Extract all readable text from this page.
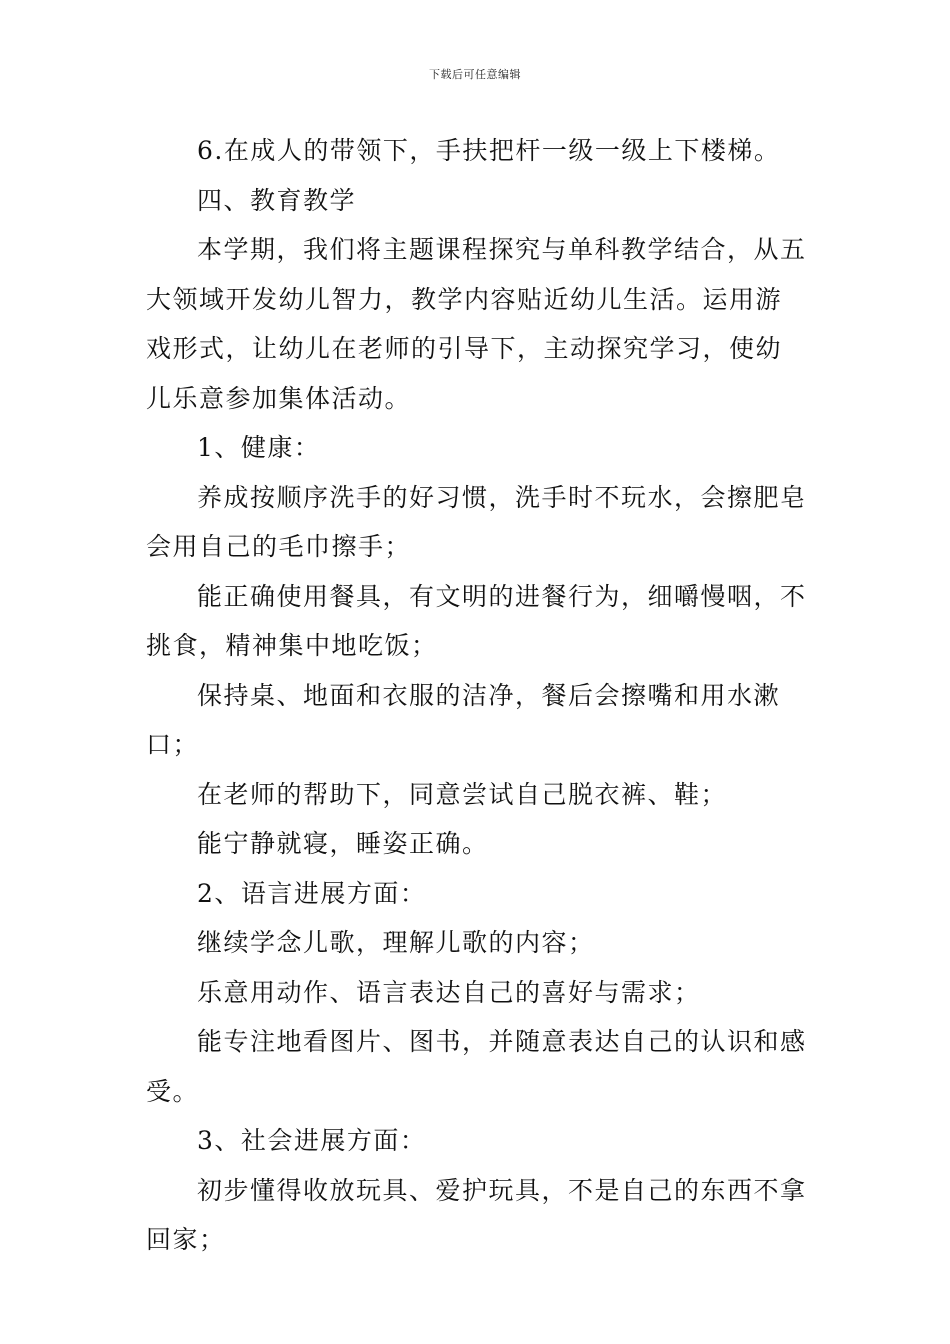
下载后可任意编辑

6.在成人的带领下，手扶把杆一级一级上下楼梯。

四、教育教学

本学期，我们将主题课程探究与单科教学结合，从五大领域开发幼儿智力，教学内容贴近幼儿生活。运用游戏形式，让幼儿在老师的引导下，主动探究学习，使幼儿乐意参加集体活动。

1、健康：

养成按顺序洗手的好习惯，洗手时不玩水，会擦肥皂会用自己的毛巾擦手；

能正确使用餐具，有文明的进餐行为，细嚼慢咽，不挑食，精神集中地吃饭；

保持桌、地面和衣服的洁净，餐后会擦嘴和用水漱口；

在老师的帮助下，同意尝试自己脱衣裤、鞋；

能宁静就寝，睡姿正确。

2、语言进展方面：

继续学念儿歌，理解儿歌的内容；

乐意用动作、语言表达自己的喜好与需求；

能专注地看图片、图书，并随意表达自己的认识和感受。

3、社会进展方面：

初步懂得收放玩具、爱护玩具，不是自己的东西不拿回家；
